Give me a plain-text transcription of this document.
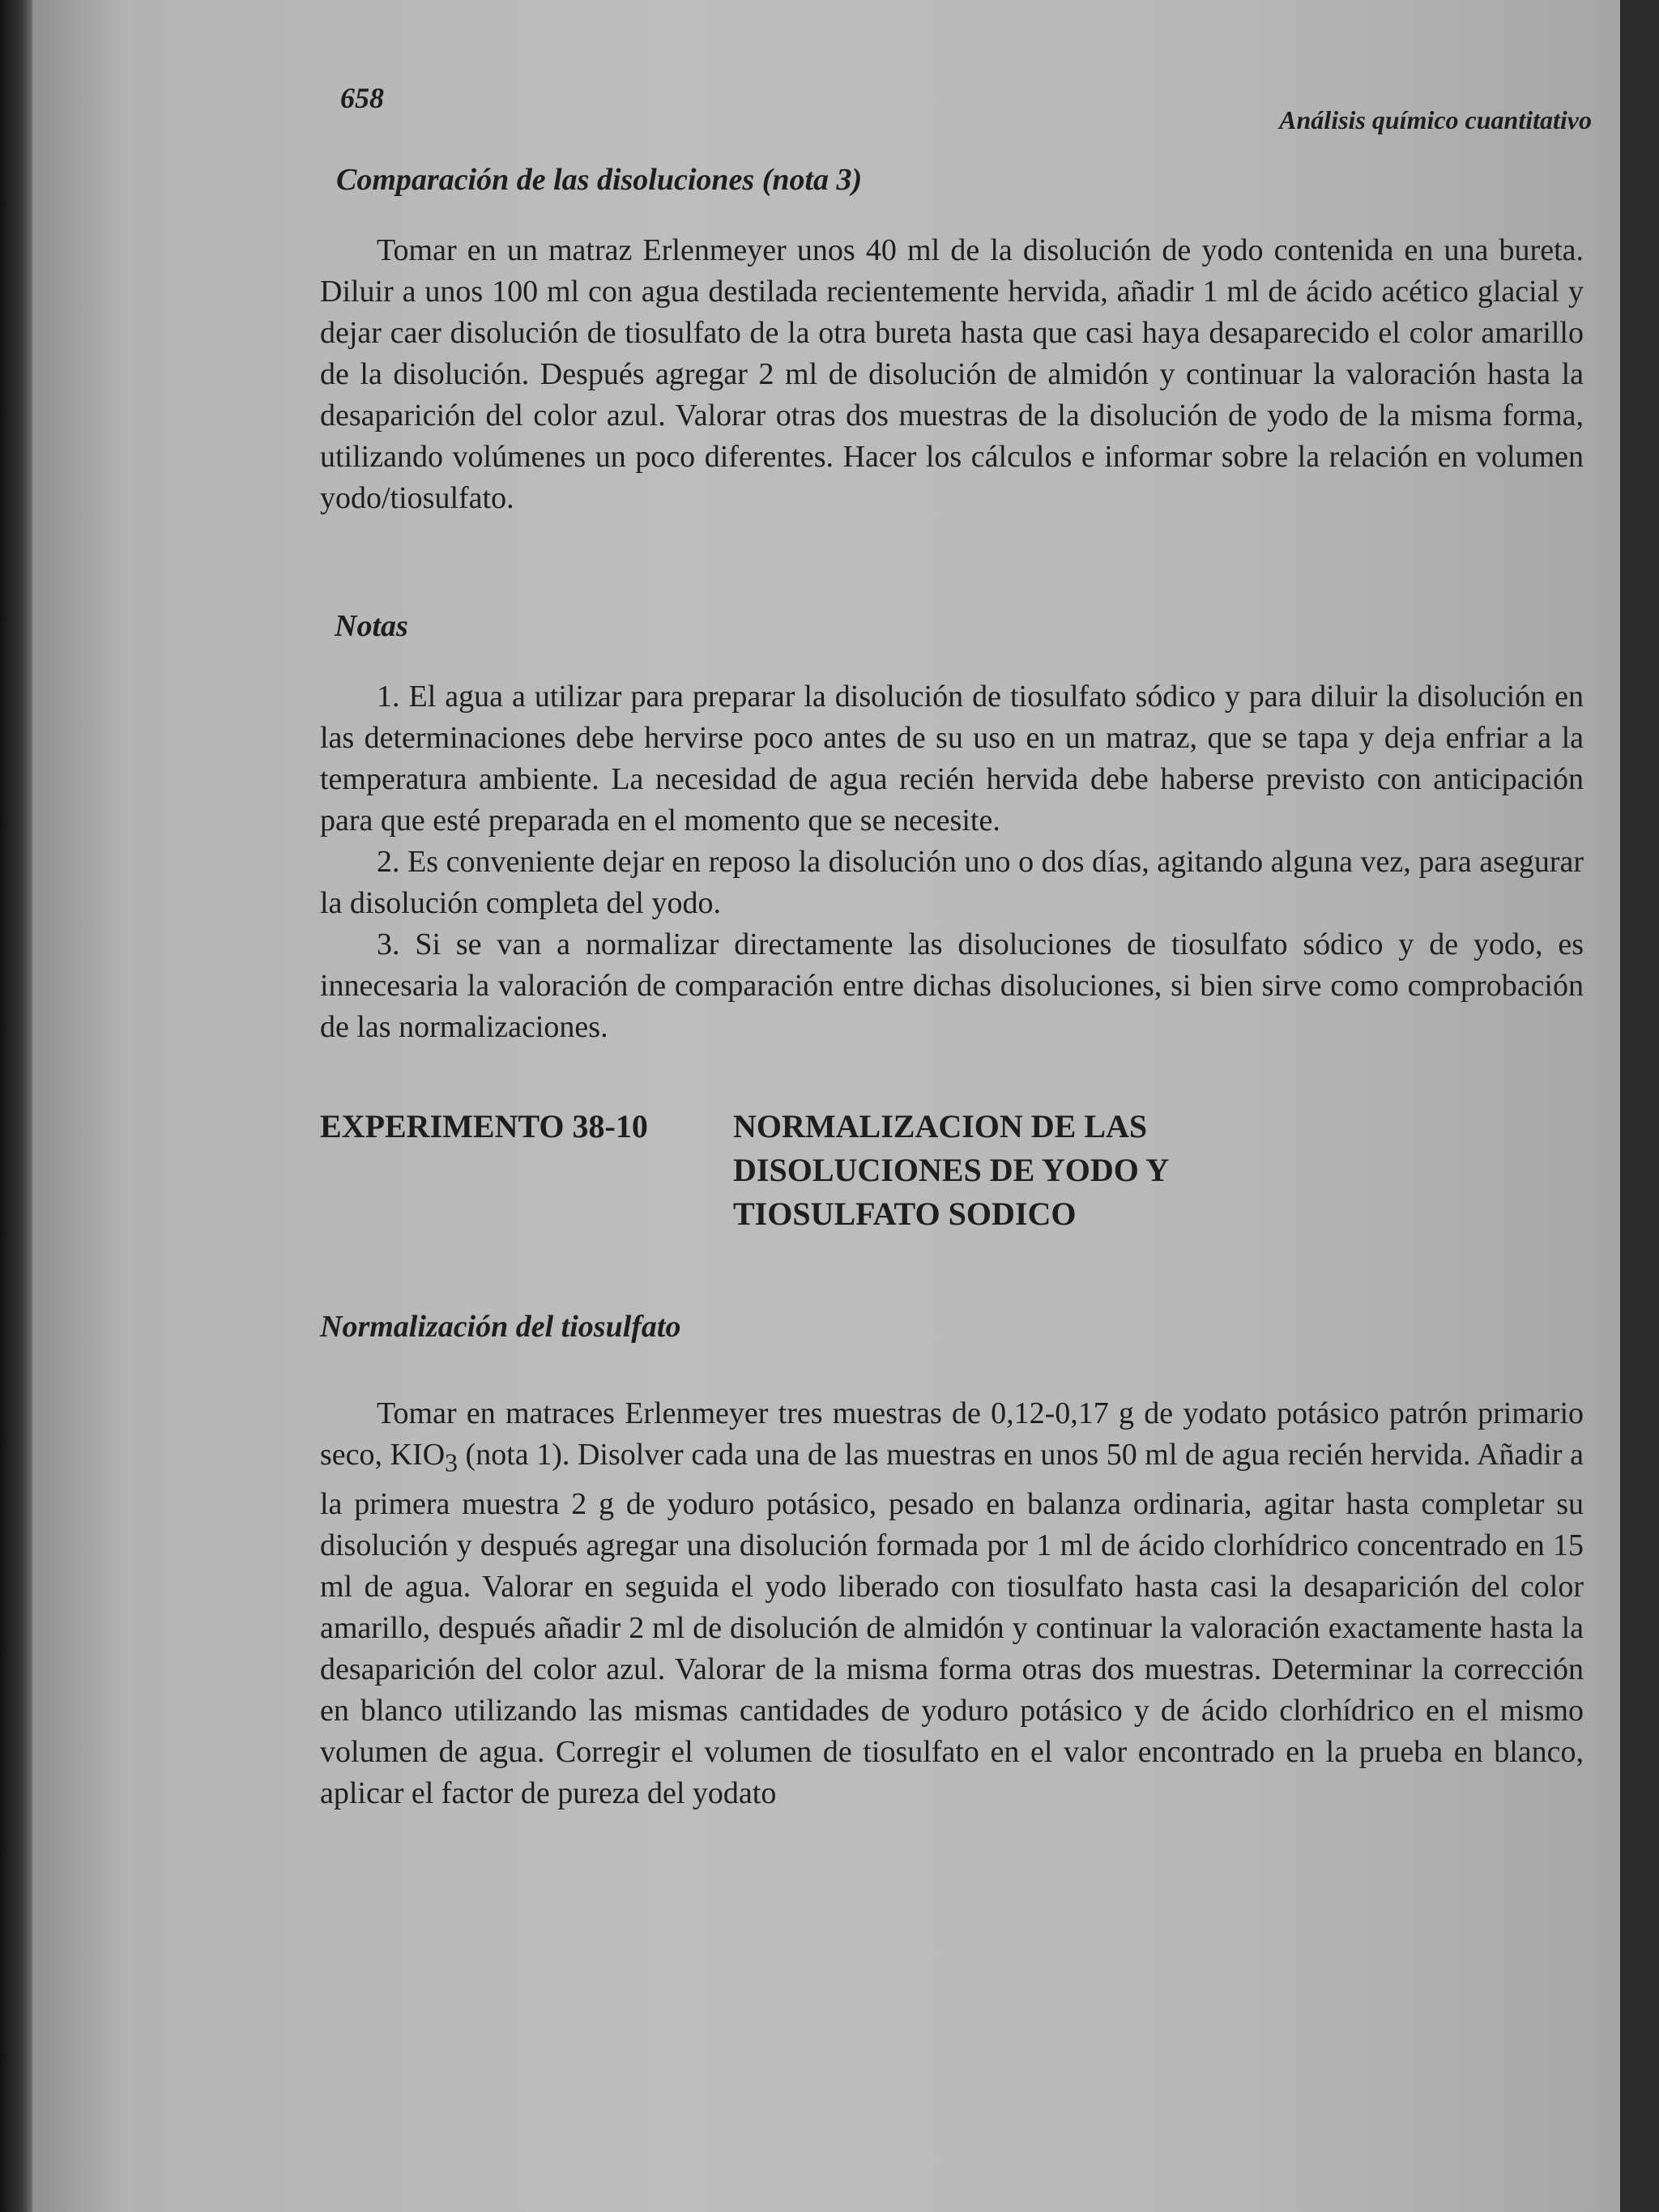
658
Análisis químico cuantitativo
Comparación de las disoluciones (nota 3)

Tomar en un matraz Erlenmeyer unos 40 ml de la disolución de yodo contenida en una bureta. Diluir a unos 100 ml con agua destilada recientemente hervida, añadir 1 ml de ácido acético glacial y dejar caer disolución de tiosulfato de la otra bureta hasta que casi haya desaparecido el color amarillo de la disolución. Después agregar 2 ml de disolución de almidón y continuar la valoración hasta la desaparición del color azul. Valorar otras dos muestras de la disolución de yodo de la misma forma, utilizando volúmenes un poco diferentes. Hacer los cálculos e informar sobre la relación en volumen yodo/tiosulfato.

Notas

1. El agua a utilizar para preparar la disolución de tiosulfato sódico y para diluir la disolución en las determinaciones debe hervirse poco antes de su uso en un matraz, que se tapa y deja enfriar a la temperatura ambiente. La necesidad de agua recién hervida debe haberse previsto con anticipación para que esté preparada en el momento que se necesite.

2. Es conveniente dejar en reposo la disolución uno o dos días, agitando alguna vez, para asegurar la disolución completa del yodo.

3. Si se van a normalizar directamente las disoluciones de tiosulfato sódico y de yodo, es innecesaria la valoración de comparación entre dichas disoluciones, si bien sirve como comprobación de las normalizaciones.

EXPERIMENTO 38-10	NORMALIZACION DE LAS
DISOLUCIONES DE YODO Y
TIOSULFATO SODICO
Normalización del tiosulfato

Tomar en matraces Erlenmeyer tres muestras de 0,12-0,17 g de yodato potásico patrón primario seco, $KIO_3$ (nota 1). Disolver cada una de las muestras en unos 50 ml de agua recién hervida. Añadir a la primera muestra 2 g de yoduro potásico, pesado en balanza ordinaria, agitar hasta completar su disolución y después agregar una disolución formada por 1 ml de ácido clorhídrico concentrado en 15 ml de agua. Valorar en seguida el yodo liberado con tiosulfato hasta casi la desaparición del color amarillo, después añadir 2 ml de disolución de almidón y continuar la valoración exactamente hasta la desaparición del color azul. Valorar de la misma forma otras dos muestras. Determinar la corrección en blanco utilizando las mismas cantidades de yoduro potásico y de ácido clorhídrico en el mismo volumen de agua. Corregir el volumen de tiosulfato en el valor encontrado en la prueba en blanco, aplicar el factor de pureza del yodato
